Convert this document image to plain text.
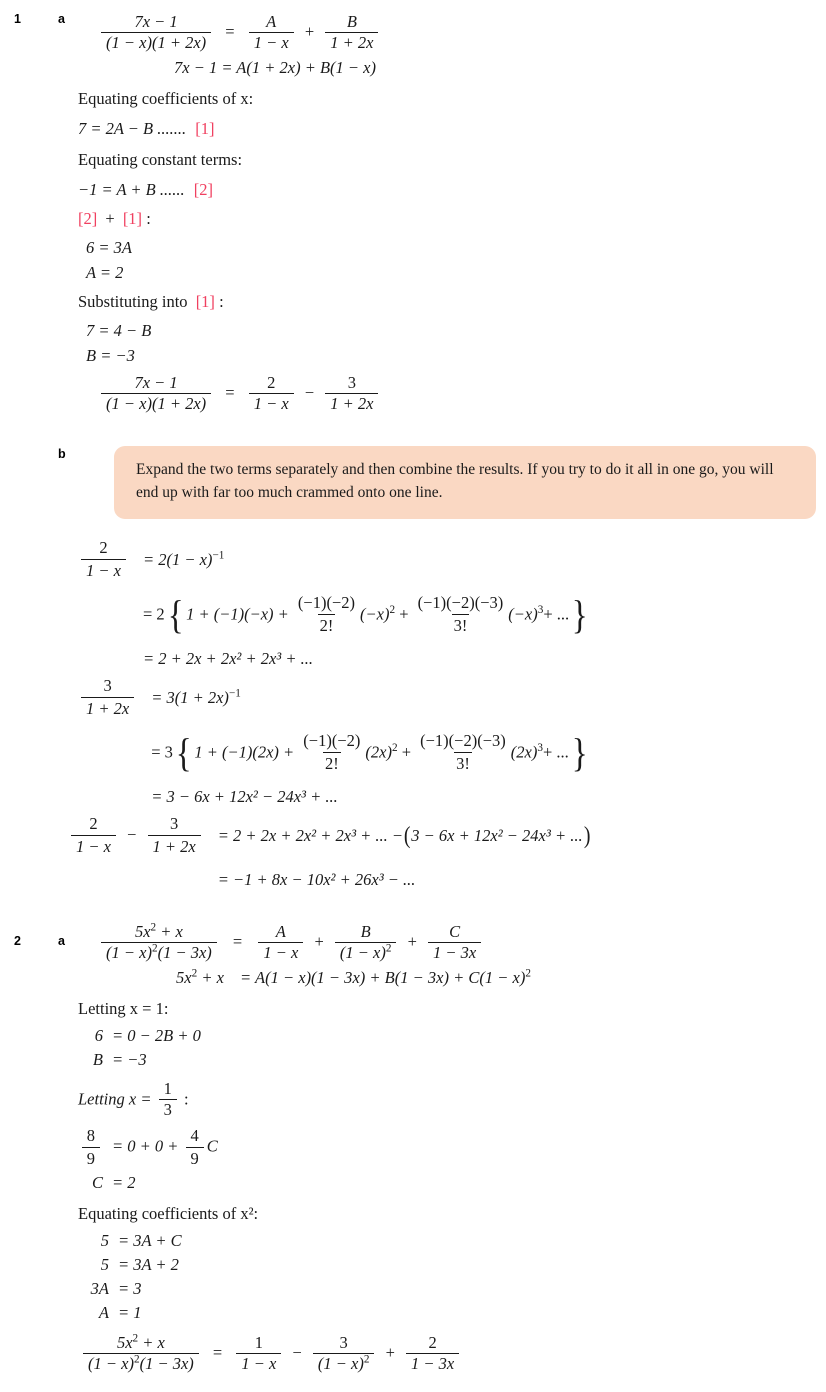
1	a $\frac{7x - 1}{(1 - x)(1 + 2x)} = \frac{A}{1 - x} + \frac{B}{1 + 2x}$
7x − 1 = A(1 + 2x) + B(1 − x)
Equating coefficients of x:
7 = 2A − B ....... [1]
Equating constant terms:
−1 = A + B ...... [2]
[2] + [1] :
6 = 3A
A = 2
Substituting into [1] :
7 = 4 − B
B = −3
$\frac{7x - 1}{(1 - x)(1 + 2x)} = \frac{2}{1 - x} - \frac{3}{1 + 2x}$
b
Expand the two terms separately and then combine the results. If you try to do it all in one go, you will end up with far too much crammed onto one line.
$\frac{2}{1 - x}$	= $2(1 - x)^{-1}$
	= 2{ $1 + (-1)(-x) + \frac{(-1)(-2)}{2!} (-x)^2 + \frac{(-1)(-2)(-3)}{3!} (-x)^3+$ ...}
	= 2 + 2x + 2x² + 2x³ + ...
$\frac{3}{1 + 2x}$	= $3(1 + 2x)^{-1}$
	= 3{ $1 + (-1)(2x) + \frac{(-1)(-2)}{2!} (2x)^2 + \frac{(-1)(-2)(-3)}{3!} (2x)^3+$ ...}
	= 3 − 6x + 12x² − 24x³ + ...
$\frac{2}{1 - x} - \frac{3}{1 + 2x}$	= 2 + 2x + 2x² + 2x³ + ... −(3 − 6x + 12x² − 24x³ + ...)
	= −1 + 8x − 10x² + 26x³ − ...
2	a $\frac{5x^2 + x}{(1 - x)^2(1 - 3x)} = \frac{A}{1 - x} + \frac{B}{(1 - x)^2} + \frac{C}{1 - 3x}$
$5x^2 + x = A(1 - x)(1 - 3x) + B(1 - 3x) + C(1 - x)^2$
Letting x = 1:
6	= 0 − 2B + 0
B	= −3
Letting $x = \frac{1}{3}$ :
$\frac{8}{9}$	= $0 + 0 + \frac{4}{9}$ C
C	= 2
Equating coefficients of x²:
5	= 3A + C
5	= 3A + 2
3A	= 3
A	= 1
$\frac{5x^2 + x}{(1 - x)^2(1 - 3x)} = \frac{1}{1 - x} - \frac{3}{(1 - x)^2} + \frac{2}{1 - 3x}$
